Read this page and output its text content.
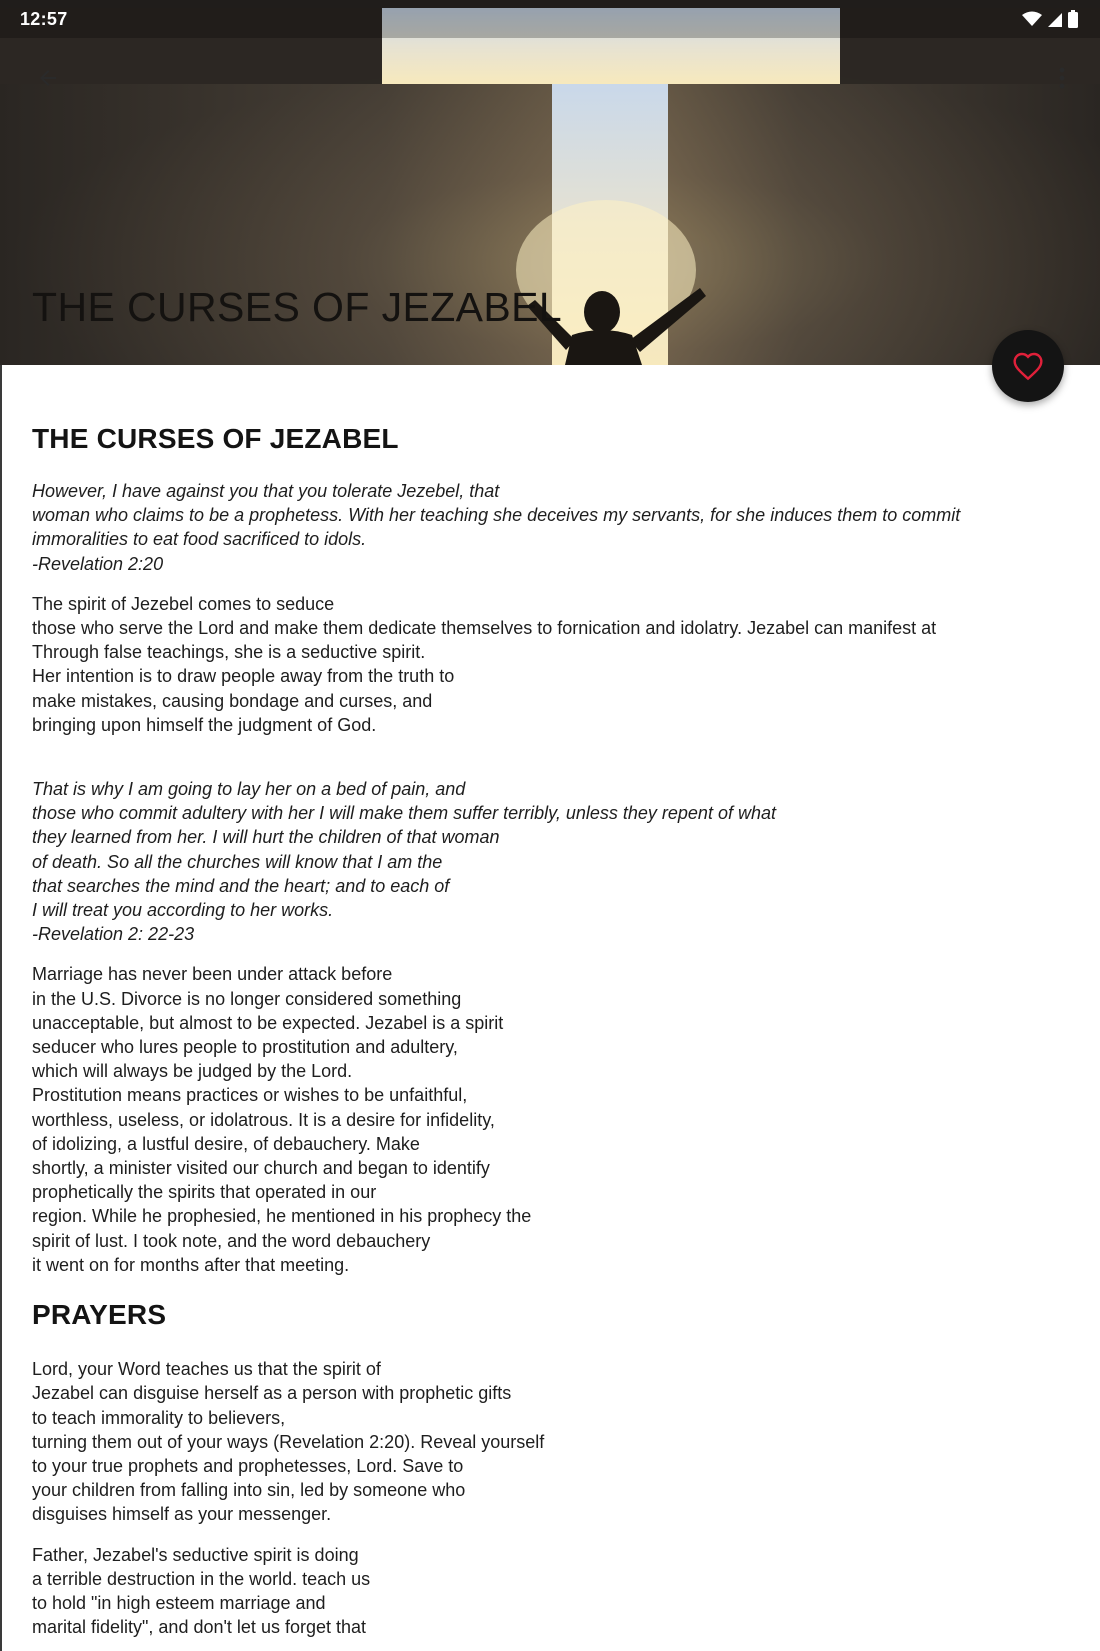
12:57
THE CURSES OF JEZABEL
THE CURSES OF JEZABEL
However, I have against you that you tolerate Jezebel, that
woman who claims to be a prophetess. With her teaching she deceives my servants, for she induces them to commit
immoralities to eat food sacrificed to idols.
-Revelation 2:20
The spirit of Jezebel comes to seduce
those who serve the Lord and make them dedicate themselves to fornication and idolatry. Jezabel can manifest at
Through false teachings, she is a seductive spirit.
Her intention is to draw people away from the truth to
make mistakes, causing bondage and curses, and
bringing upon himself the judgment of God.
That is why I am going to lay her on a bed of pain, and
those who commit adultery with her I will make them suffer terribly, unless they repent of what
they learned from her. I will hurt the children of that woman
of death. So all the churches will know that I am the
that searches the mind and the heart; and to each of
I will treat you according to her works.
-Revelation 2: 22-23
Marriage has never been under attack before
in the U.S. Divorce is no longer considered something
unacceptable, but almost to be expected. Jezabel is a spirit
seducer who lures people to prostitution and adultery,
which will always be judged by the Lord.
Prostitution means practices or wishes to be unfaithful,
worthless, useless, or idolatrous. It is a desire for infidelity,
of idolizing, a lustful desire, of debauchery. Make
shortly, a minister visited our church and began to identify
prophetically the spirits that operated in our
region. While he prophesied, he mentioned in his prophecy the
spirit of lust. I took note, and the word debauchery
it went on for months after that meeting.
PRAYERS
Lord, your Word teaches us that the spirit of
Jezabel can disguise herself as a person with prophetic gifts
to teach immorality to believers,
turning them out of your ways (Revelation 2:20). Reveal yourself
to your true prophets and prophetesses, Lord. Save to
your children from falling into sin, led by someone who
disguises himself as your messenger.
Father, Jezabel's seductive spirit is doing
a terrible destruction in the world. teach us
to hold "in high esteem marriage and
marital fidelity", and don't let us forget that
